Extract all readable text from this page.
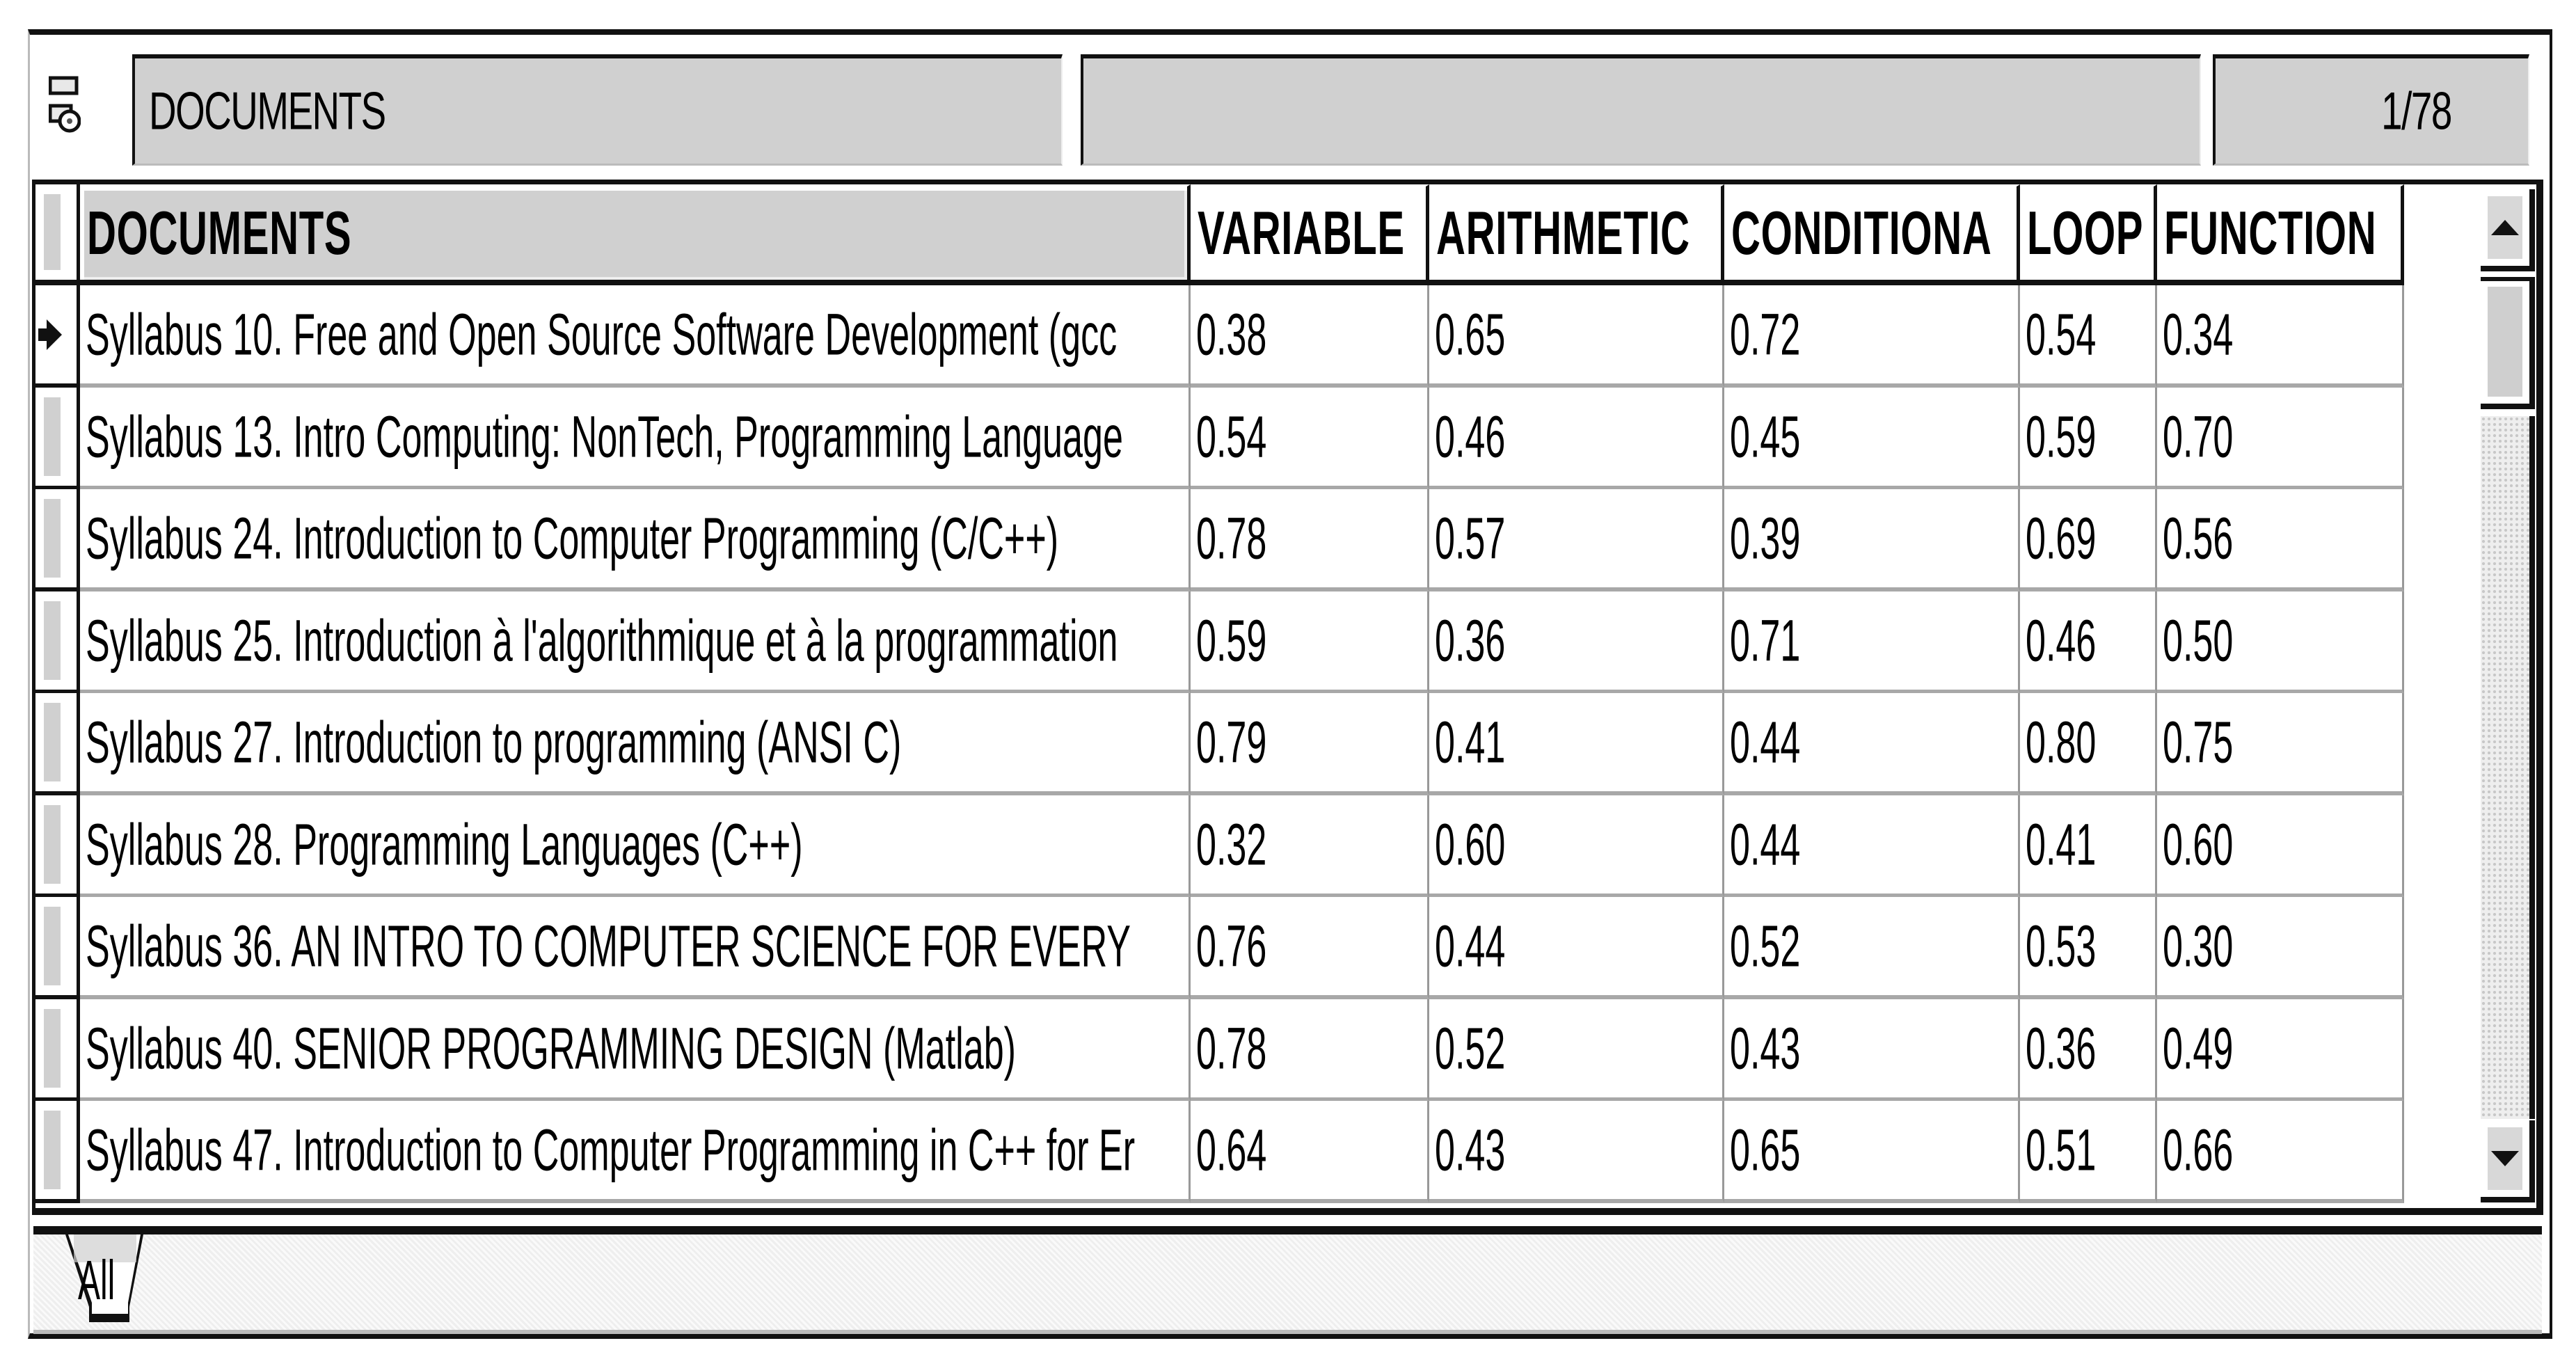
DOCUMENTS	1/78
DOCUMENTS	VARIABLE ARITHMETIC CONDITIONA LOOP FUNCTION
Syllabus 10. Free and Open Source Software Development (gcc 0.38	0.65	0.72	0.54 0.34
Syllabus 13. Intro Computing: NonTech, Programming Language 0.54	0.46	0.45	0.59 0.70
Syllabus 24. Introduction to Computer Programming (C/C++) 0.78	0.57	0.39	0.69 0.56
Syllabus 25. Introduction à l'algorithmique et à la programmation 0.59	0.36	0.71	0.46 0.50
Syllabus 27. Introduction to programming (ANSI C)	0.79	0.41	0.44	0.80 0.75
Syllabus 28. Programming Languages (C++)	0.32	0.60	0.44	0.41 0.60
Syllabus 36. AN INTRO TO COMPUTER SCIENCE FOR EVERY 0.76	0.44	0.52	0.53 0.30
Syllabus 40. SENIOR PROGRAMMING DESIGN (Matlab)	0.78	0.52	0.43	0.36 0.49
Syllabus 47. Introduction to Computer Programming in C++ for Er 0.64	0.43	0.65	0.51 0.66
All
